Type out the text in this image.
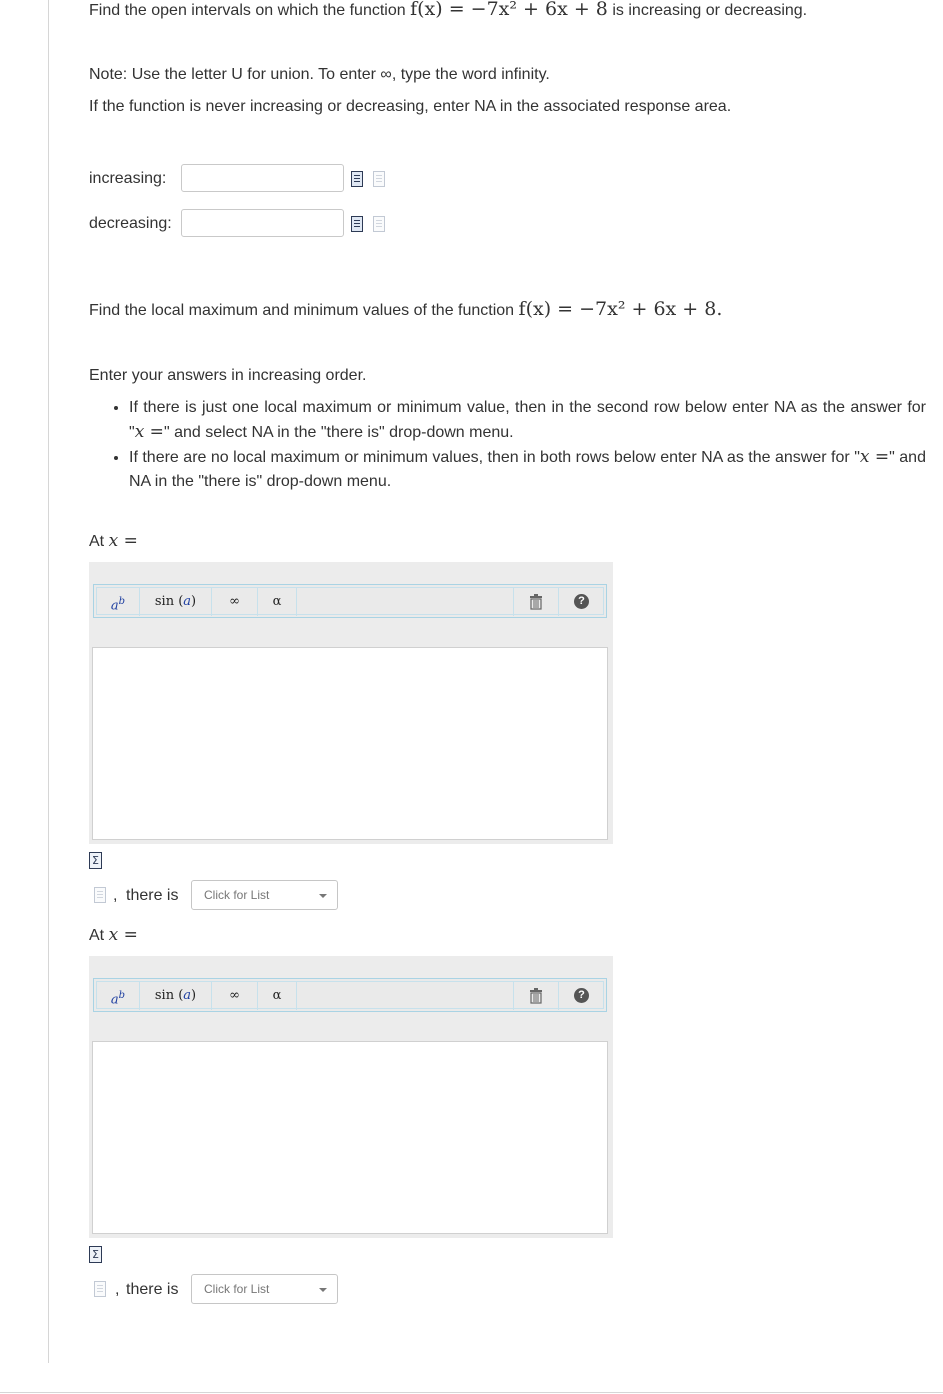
Find the open intervals on which the function f(x) = −7x² + 6x + 8 is increasing or decreasing.
Note: Use the letter U for union. To enter ∞, type the word infinity.
If the function is never increasing or decreasing, enter NA in the associated response area.
increasing:
decreasing:
Find the local maximum and minimum values of the function f(x) = −7x² + 6x + 8.
Enter your answers in increasing order.
• If there is just one local maximum or minimum value, then in the second row below enter NA as the answer for "x =" and select NA in the "there is" drop-down menu.
• If there are no local maximum or minimum values, then in both rows below enter NA as the answer for "x =" and NA in the "there is" drop-down menu.
At x =
$a^b$	sin (a)	∞	α	?
Σ
, there is	Click for List
At x =
$a^b$	sin (a)	∞	α	?
Σ
, there is	Click for List
